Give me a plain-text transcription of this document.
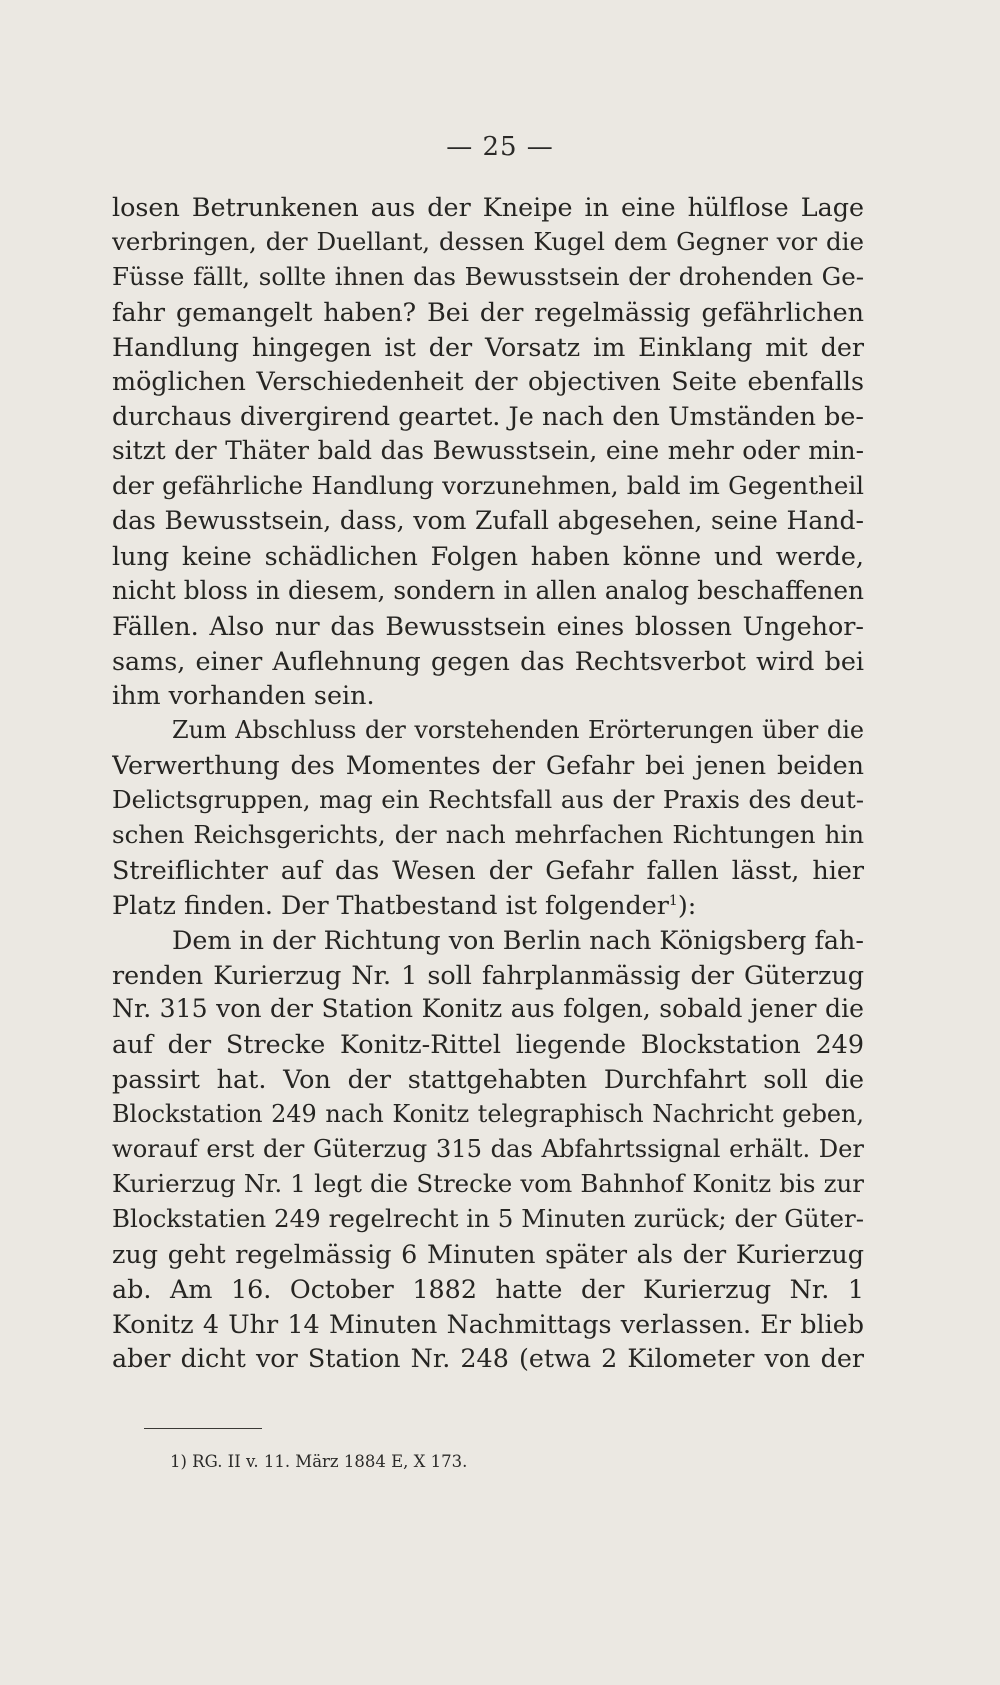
— 25 —
losen Betrunkenen aus der Kneipe in eine hülflose Lage
verbringen, der Duellant, dessen Kugel dem Gegner vor die
Füsse fällt, sollte ihnen das Bewusstsein der drohenden Ge-
fahr gemangelt haben? Bei der regelmässig gefährlichen
Handlung hingegen ist der Vorsatz im Einklang mit der
möglichen Verschiedenheit der objectiven Seite ebenfalls
durchaus divergirend geartet. Je nach den Umständen be-
sitzt der Thäter bald das Bewusstsein, eine mehr oder min-
der gefährliche Handlung vorzunehmen, bald im Gegentheil
das Bewusstsein, dass, vom Zufall abgesehen, seine Hand-
lung keine schädlichen Folgen haben könne und werde,
nicht bloss in diesem, sondern in allen analog beschaffenen
Fällen. Also nur das Bewusstsein eines blossen Ungehor-
sams, einer Auflehnung gegen das Rechtsverbot wird bei
ihm vorhanden sein.
Zum Abschluss der vorstehenden Erörterungen über die
Verwerthung des Momentes der Gefahr bei jenen beiden
Delictsgruppen, mag ein Rechtsfall aus der Praxis des deut-
schen Reichsgerichts, der nach mehrfachen Richtungen hin
Streiflichter auf das Wesen der Gefahr fallen lässt, hier
Platz finden. Der Thatbestand ist folgender$^1$):
Dem in der Richtung von Berlin nach Königsberg fah-
renden Kurierzug Nr. 1 soll fahrplanmässig der Güterzug
Nr. 315 von der Station Konitz aus folgen, sobald jener die
auf der Strecke Konitz-Rittel liegende Blockstation 249
passirt hat. Von der stattgehabten Durchfahrt soll die
Blockstation 249 nach Konitz telegraphisch Nachricht geben,
worauf erst der Güterzug 315 das Abfahrtssignal erhält. Der
Kurierzug Nr. 1 legt die Strecke vom Bahnhof Konitz bis zur
Blockstatien 249 regelrecht in 5 Minuten zurück; der Güter-
zug geht regelmässig 6 Minuten später als der Kurierzug
ab. Am 16. October 1882 hatte der Kurierzug Nr. 1
Konitz 4 Uhr 14 Minuten Nachmittags verlassen. Er blieb
aber dicht vor Station Nr. 248 (etwa 2 Kilometer von der
1) RG. II v. 11. März 1884 E, X 173.
